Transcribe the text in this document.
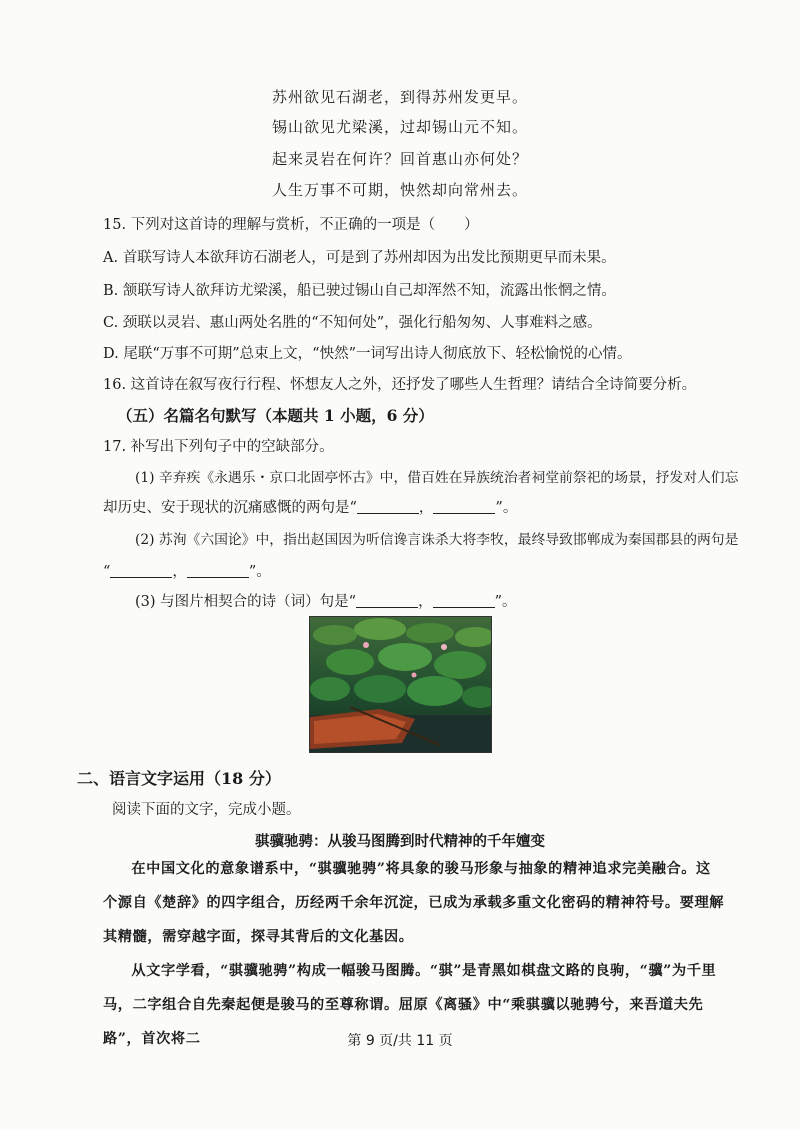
苏州欲见石湖老，到得苏州发更早。
锡山欲见尤梁溪，过却锡山元不知。
起来灵岩在何许？回首惠山亦何处？
人生万事不可期，怏然却向常州去。
15. 下列对这首诗的理解与赏析，不正确的一项是（　　）
A. 首联写诗人本欲拜访石湖老人，可是到了苏州却因为出发比预期更早而未果。
B. 颔联写诗人欲拜访尤梁溪，船已驶过锡山自己却浑然不知，流露出怅惘之情。
C. 颈联以灵岩、惠山两处名胜的“不知何处”，强化行船匆匆、人事难料之感。
D. 尾联“万事不可期”总束上文，“怏然”一词写出诗人彻底放下、轻松愉悦的心情。
16. 这首诗在叙写夜行行程、怀想友人之外，还抒发了哪些人生哲理？请结合全诗简要分析。
（五）名篇名句默写（本题共 1 小题，6 分）
17. 补写出下列句子中的空缺部分。
(1) 辛弃疾《永遇乐・京口北固亭怀古》中，借百姓在异族统治者祠堂前祭祀的场景，抒发对人们忘
却历史、安于现状的沉痛感慨的两句是“	，	”。
(2) 苏洵《六国论》中，指出赵国因为听信谗言诛杀大将李牧，最终导致邯郸成为秦国郡县的两句是
“	，	”。
(3) 与图片相契合的诗（词）句是“	，	”。
二、语言文字运用（18 分）
阅读下面的文字，完成小题。
骐骥驰骋：从骏马图腾到时代精神的千年嬗变

在中国文化的意象谱系中，“骐骥驰骋”将具象的骏马形象与抽象的精神追求完美融合。这个源自《楚辞》的四字组合，历经两千余年沉淀，已成为承载多重文化密码的精神符号。要理解其精髓，需穿越字面，探寻其背后的文化基因。

从文字学看，“骐骥驰骋”构成一幅骏马图腾。“骐”是青黑如棋盘文路的良驹，“骥”为千里马，二字组合自先秦起便是骏马的至尊称谓。屈原《离骚》中“乘骐骥以驰骋兮，来吾道夫先路”，首次将二	第 9 页/共 11 页
